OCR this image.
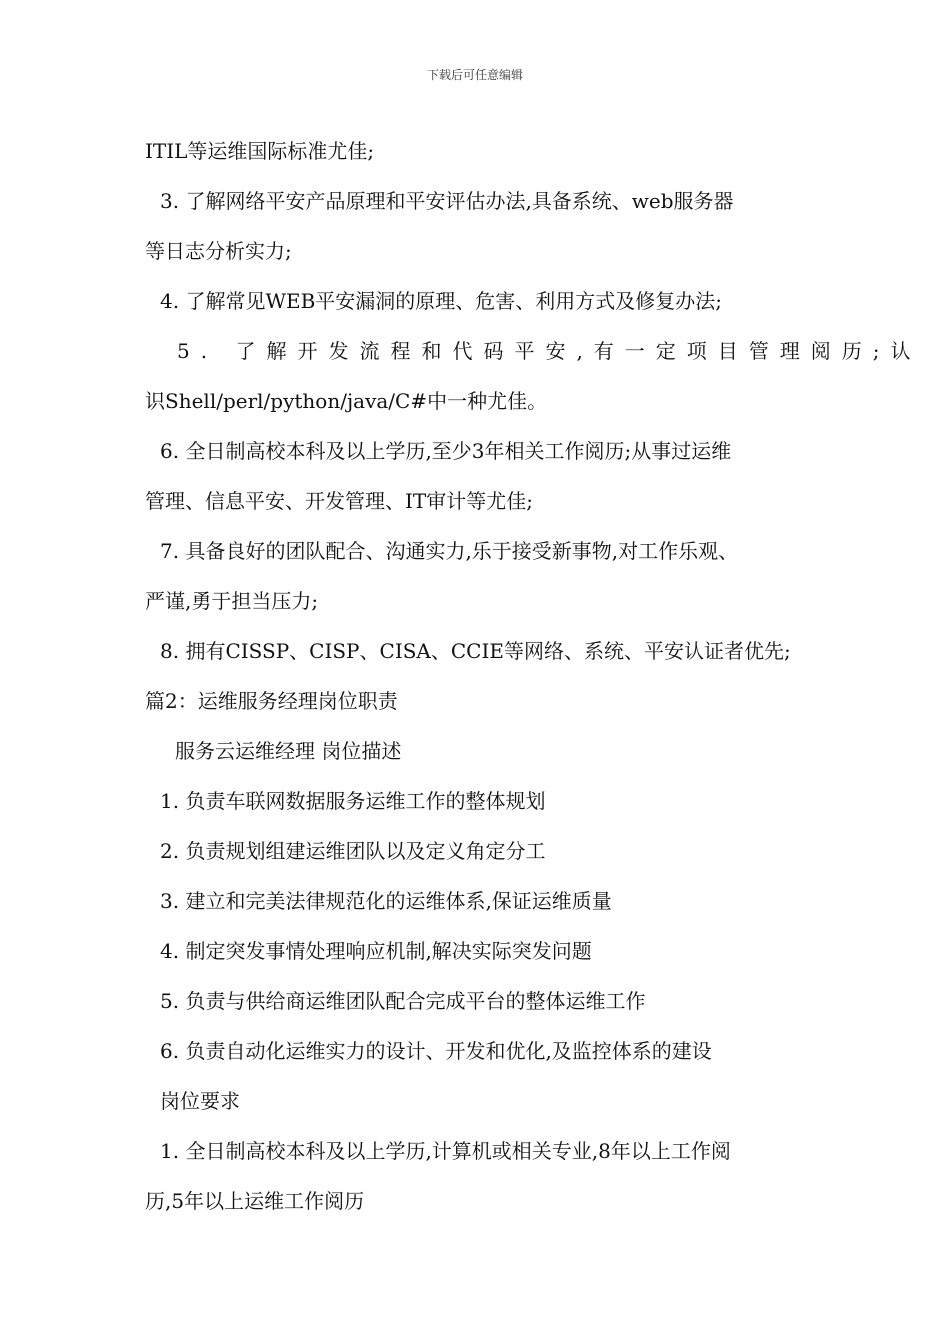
下载后可任意编辑
ITIL等运维国际标准尤佳;
3. 了解网络平安产品原理和平安评估办法,具备系统、web服务器
等日志分析实力;
4. 了解常见WEB平安漏洞的原理、危害、利用方式及修复办法;
5. 了解开发流程和代码平安,有一定项目管理阅历;认
识Shell/perl/python/java/C#中一种尤佳。
6. 全日制高校本科及以上学历,至少3年相关工作阅历;从事过运维
管理、信息平安、开发管理、IT审计等尤佳;
7. 具备良好的团队配合、沟通实力,乐于接受新事物,对工作乐观、
严谨,勇于担当压力;
8. 拥有CISSP、CISP、CISA、CCIE等网络、系统、平安认证者优先;
篇2：运维服务经理岗位职责
服务云运维经理 岗位描述
1. 负责车联网数据服务运维工作的整体规划
2. 负责规划组建运维团队以及定义角定分工
3. 建立和完美法律规范化的运维体系,保证运维质量
4. 制定突发事情处理响应机制,解决实际突发问题
5. 负责与供给商运维团队配合完成平台的整体运维工作
6. 负责自动化运维实力的设计、开发和优化,及监控体系的建设
岗位要求
1. 全日制高校本科及以上学历,计算机或相关专业,8年以上工作阅
历,5年以上运维工作阅历
